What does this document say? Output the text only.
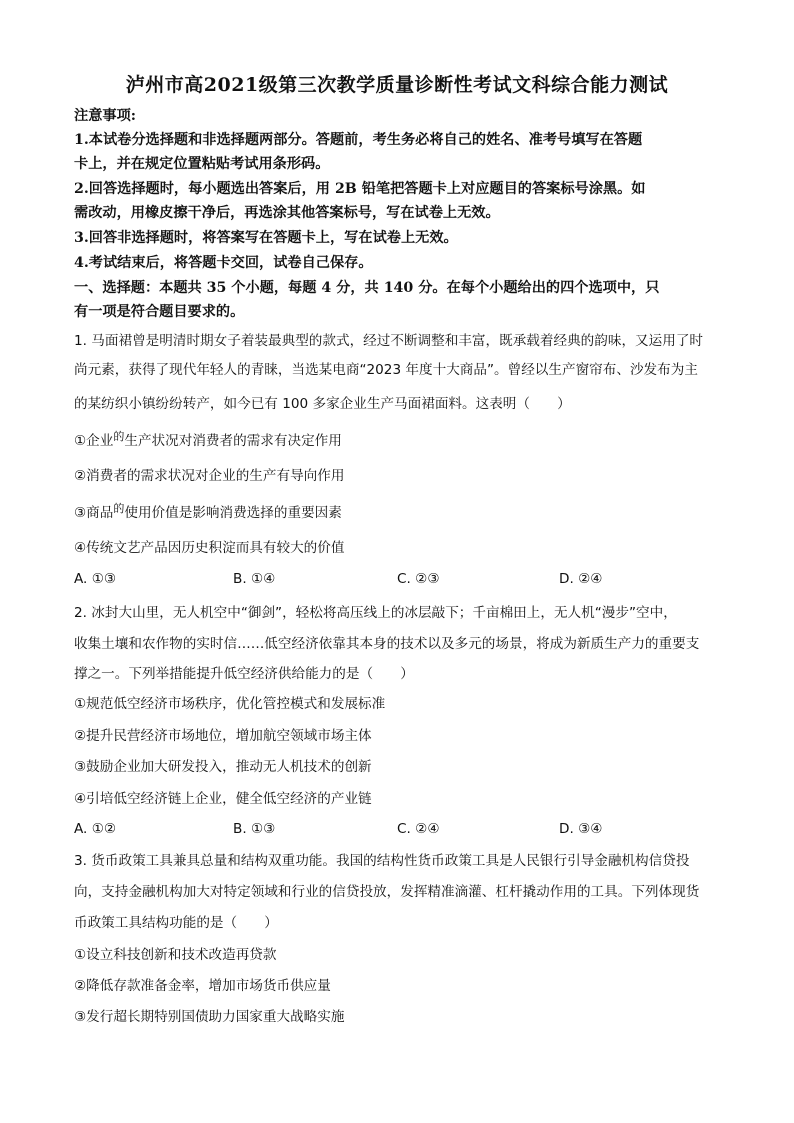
泸州市高2021级第三次教学质量诊断性考试文科综合能力测试
注意事项:
1.本试卷分选择题和非选择题两部分。答题前，考生务必将自己的姓名、准考号填写在答题
卡上，并在规定位置粘贴考试用条形码。
2.回答选择题时，每小题选出答案后，用 2B 铅笔把答题卡上对应题目的答案标号涂黑。如
需改动，用橡皮擦干净后，再选涂其他答案标号，写在试卷上无效。
3.回答非选择题时，将答案写在答题卡上，写在试卷上无效。
4.考试结束后，将答题卡交回，试卷自己保存。
一、选择题：本题共 35 个小题，每题 4 分，共 140 分。在每个小题给出的四个选项中，只
有一项是符合题目要求的。
1. 马面裙曾是明清时期女子着装最典型的款式，经过不断调整和丰富，既承载着经典的韵味，又运用了时
尚元素，获得了现代年轻人的青睐，当选某电商“2023 年度十大商品”。曾经以生产窗帘布、沙发布为主
的某纺织小镇纷纷转产，如今已有 100 多家企业生产马面裙面料。这表明（　　）
①企业$^的$生产状况对消费者的需求有决定作用
②消费者的需求状况对企业的生产有导向作用
③商品$^的$使用价值是影响消费选择的重要因素
④传统文艺产品因历史积淀而具有较大的价值
A. ①③	B. ①④	C. ②③	D. ②④
2. 冰封大山里，无人机空中“御剑”，轻松将高压线上的冰层敲下；千亩棉田上，无人机“漫步”空中，
收集土壤和农作物的实时信……低空经济依靠其本身的技术以及多元的场景，将成为新质生产力的重要支
撑之一。下列举措能提升低空经济供给能力的是（　　）
①规范低空经济市场秩序，优化管控模式和发展标准
②提升民营经济市场地位，增加航空领域市场主体
③鼓励企业加大研发投入，推动无人机技术的创新
④引培低空经济链上企业，健全低空经济的产业链
A. ①②	B. ①③	C. ②④	D. ③④
3. 货币政策工具兼具总量和结构双重功能。我国的结构性货币政策工具是人民银行引导金融机构信贷投
向，支持金融机构加大对特定领域和行业的信贷投放，发挥精准滴灌、杠杆撬动作用的工具。下列体现货
币政策工具结构功能的是（　　）
①设立科技创新和技术改造再贷款
②降低存款准备金率，增加市场货币供应量
③发行超长期特别国债助力国家重大战略实施
